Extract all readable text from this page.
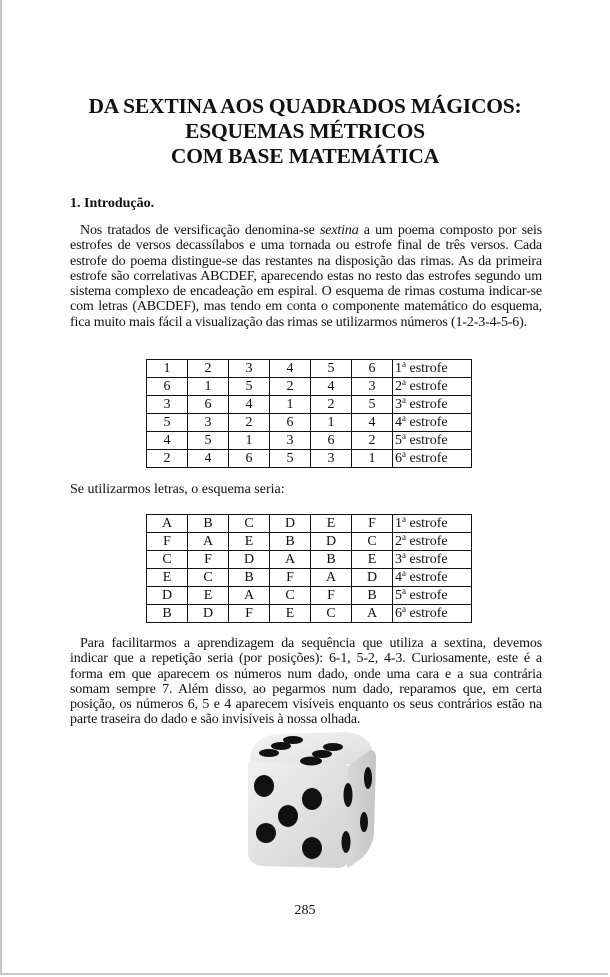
DA SEXTINA AOS QUADRADOS MÁGICOS:
ESQUEMAS MÉTRICOS
COM BASE MATEMÁTICA
1. Introdução.
Nos tratados de versificação denomina-se sextina a um poema composto por seis estrofes de versos decassílabos e uma tornada ou estrofe final de três versos. Cada estrofe do poema distingue-se das restantes na disposição das rimas. As da primeira estrofe são correlativas ABCDEF, aparecendo estas no resto das estrofes segundo um sistema complexo de encadeação em espiral. O esquema de rimas costuma indicar-se com letras (ABCDEF), mas tendo em conta o componente matemático do esquema, fica muito mais fácil a visualização das rimas se utilizarmos números (1-2-3-4-5-6).
1	2	3	4	5	6	1$^a$ estrofe
6	1	5	2	4	3	2$^a$ estrofe
3	6	4	1	2	5	3$^a$ estrofe
5	3	2	6	1	4	4$^a$ estrofe
4	5	1	3	6	2	5$^a$ estrofe
2	4	6	5	3	1	6$^a$ estrofe
Se utilizarmos letras, o esquema seria:
A	B	C	D	E	F	1$^a$ estrofe
F	A	E	B	D	C	2$^a$ estrofe
C	F	D	A	B	E	3$^a$ estrofe
E	C	B	F	A	D	4$^a$ estrofe
D	E	A	C	F	B	5$^a$ estrofe
B	D	F	E	C	A	6$^a$ estrofe
Para facilitarmos a aprendizagem da sequência que utiliza a sextina, devemos indicar que a repetição seria (por posições): 6-1, 5-2, 4-3. Curiosamente, este é a forma em que aparecem os números num dado, onde uma cara e a sua contrária somam sempre 7. Além disso, ao pegarmos num dado, reparamos que, em certa posição, os números 6, 5 e 4 aparecem visíveis enquanto os seus contrários estão na parte traseira do dado e são invisíveis à nossa olhada.
285
